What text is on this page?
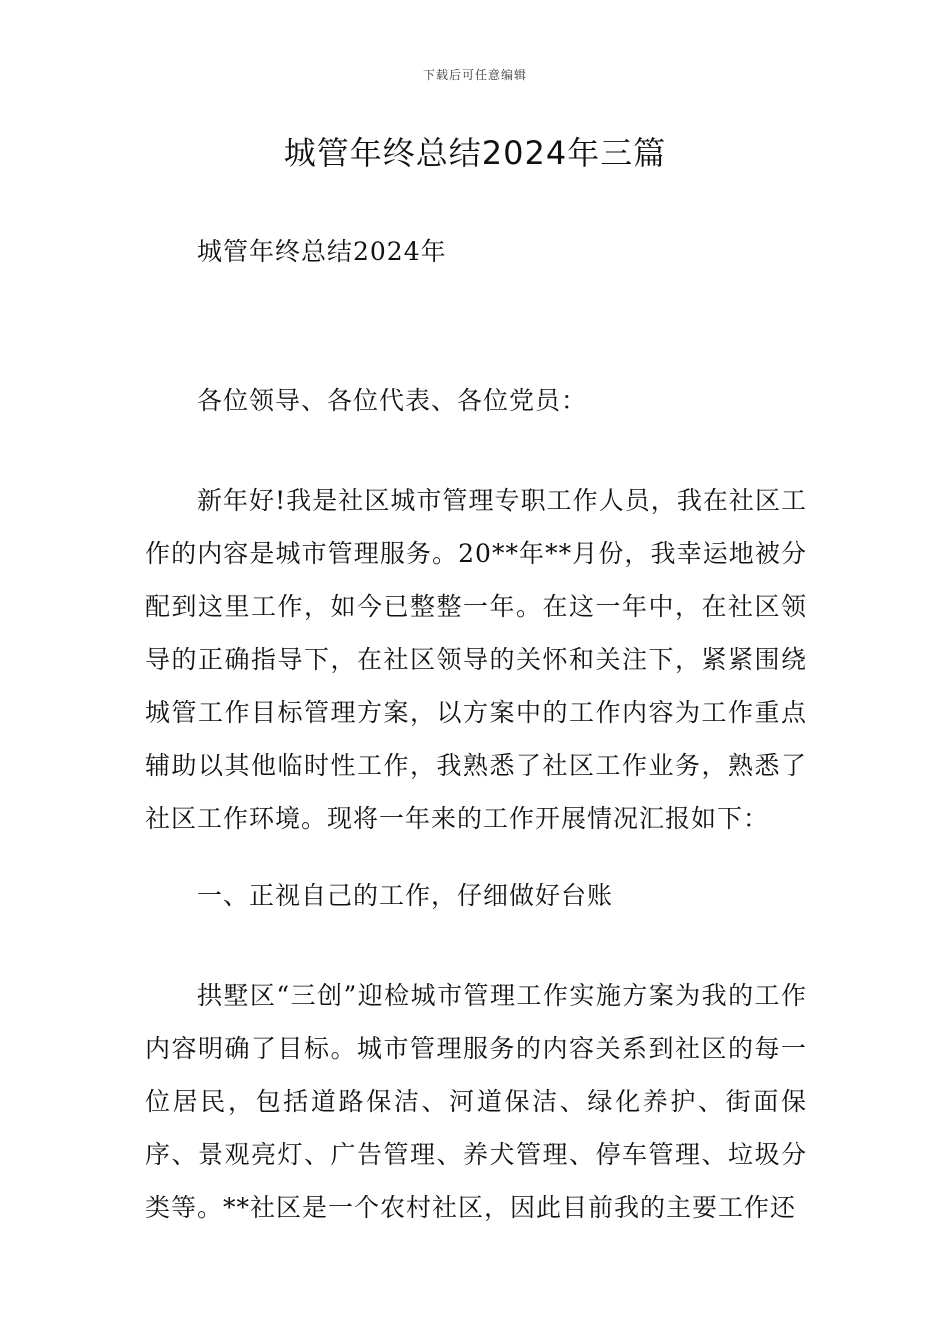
下载后可任意编辑
城管年终总结2024年三篇

城管年终总结2024年

各位领导、各位代表、各位党员：

新年好!我是社区城市管理专职工作人员，我在社区工作的内容是城市管理服务。20**年**月份，我幸运地被分配到这里工作，如今已整整一年。在这一年中，在社区领导的正确指导下，在社区领导的关怀和关注下，紧紧围绕城管工作目标管理方案，以方案中的工作内容为工作重点辅助以其他临时性工作，我熟悉了社区工作业务，熟悉了社区工作环境。现将一年来的工作开展情况汇报如下：

一、正视自己的工作，仔细做好台账

拱墅区“三创”迎检城市管理工作实施方案为我的工作内容明确了目标。城市管理服务的内容关系到社区的每一位居民，包括道路保洁、河道保洁、绿化养护、街面保序、景观亮灯、广告管理、养犬管理、停车管理、垃圾分类等。**社区是一个农村社区，因此目前我的主要工作还
